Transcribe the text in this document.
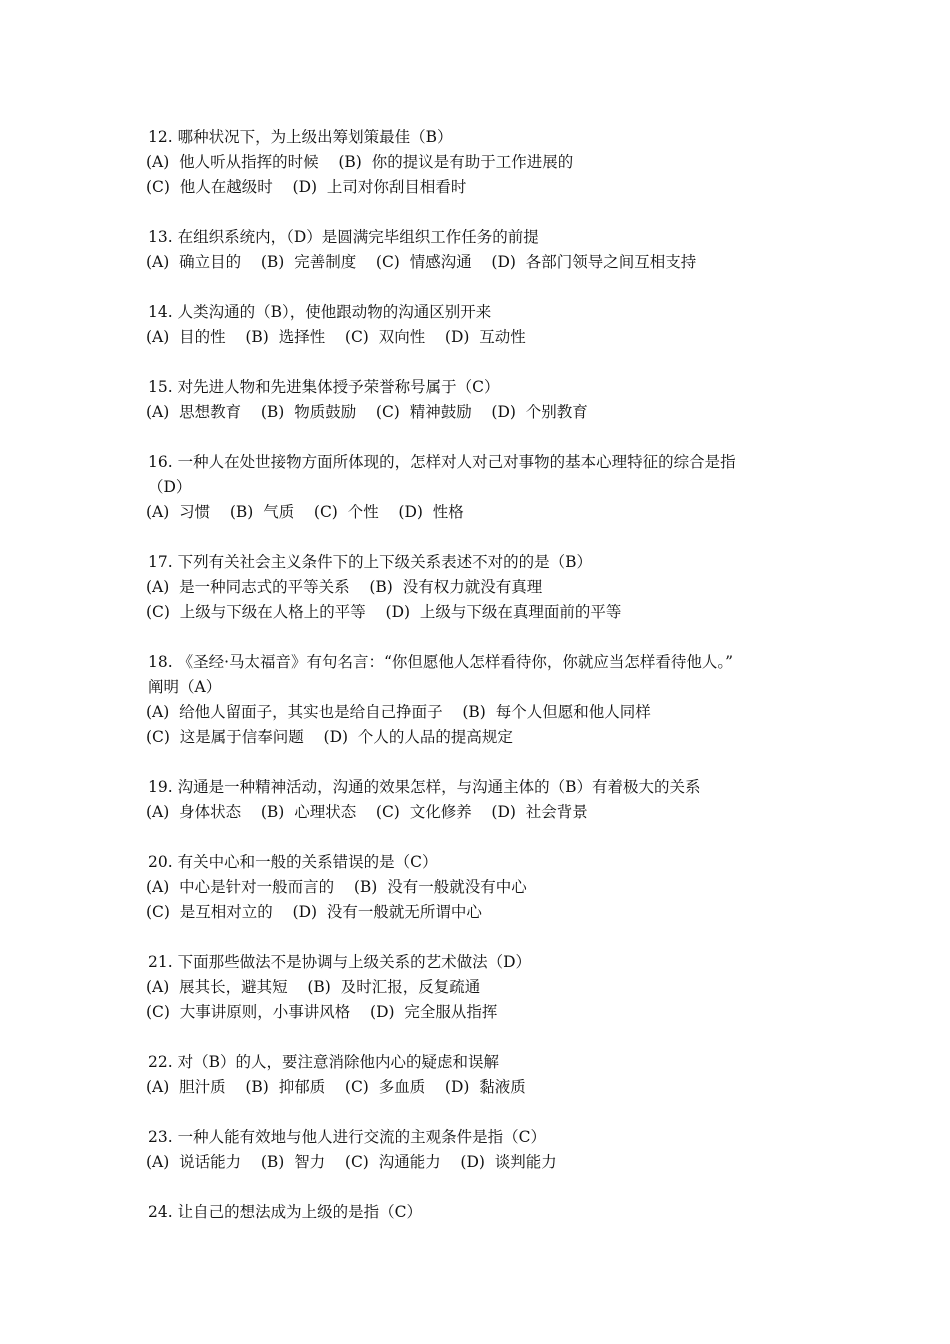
12. 哪种状况下，为上级出筹划策最佳（B）
(A)  他人听从指挥的时候    (B)  你的提议是有助于工作进展的
(C)  他人在越级时    (D)  上司对你刮目相看时
13. 在组织系统内，（D）是圆满完毕组织工作任务的前提
(A)  确立目的    (B)  完善制度    (C)  情感沟通    (D)  各部门领导之间互相支持
14. 人类沟通的（B），使他跟动物的沟通区别开来
(A)  目的性    (B)  选择性    (C)  双向性    (D)  互动性
15. 对先进人物和先进集体授予荣誉称号属于（C）
(A)  思想教育    (B)  物质鼓励    (C)  精神鼓励    (D)  个别教育
16. 一种人在处世接物方面所体现的，怎样对人对己对事物的基本心理特征的综合是指
（D）
(A)  习惯    (B)  气质    (C)  个性    (D)  性格
17. 下列有关社会主义条件下的上下级关系表述不对的的是（B）
(A)  是一种同志式的平等关系    (B)  没有权力就没有真理
(C)  上级与下级在人格上的平等    (D)  上级与下级在真理面前的平等
18. 《圣经·马太福音》有句名言：“你但愿他人怎样看待你，你就应当怎样看待他人。”
阐明（A）
(A)  给他人留面子，其实也是给自己挣面子    (B)  每个人但愿和他人同样
(C)  这是属于信奉问题    (D)  个人的人品的提高规定
19. 沟通是一种精神活动，沟通的效果怎样，与沟通主体的（B）有着极大的关系
(A)  身体状态    (B)  心理状态    (C)  文化修养    (D)  社会背景
20. 有关中心和一般的关系错误的是（C）
(A)  中心是针对一般而言的    (B)  没有一般就没有中心
(C)  是互相对立的    (D)  没有一般就无所谓中心
21. 下面那些做法不是协调与上级关系的艺术做法（D）
(A)  展其长，避其短    (B)  及时汇报，反复疏通
(C)  大事讲原则，小事讲风格    (D)  完全服从指挥
22. 对（B）的人，要注意消除他内心的疑虑和误解
(A)  胆汁质    (B)  抑郁质    (C)  多血质    (D)  黏液质
23. 一种人能有效地与他人进行交流的主观条件是指（C）
(A)  说话能力    (B)  智力    (C)  沟通能力    (D)  谈判能力
24. 让自己的想法成为上级的是指（C）
